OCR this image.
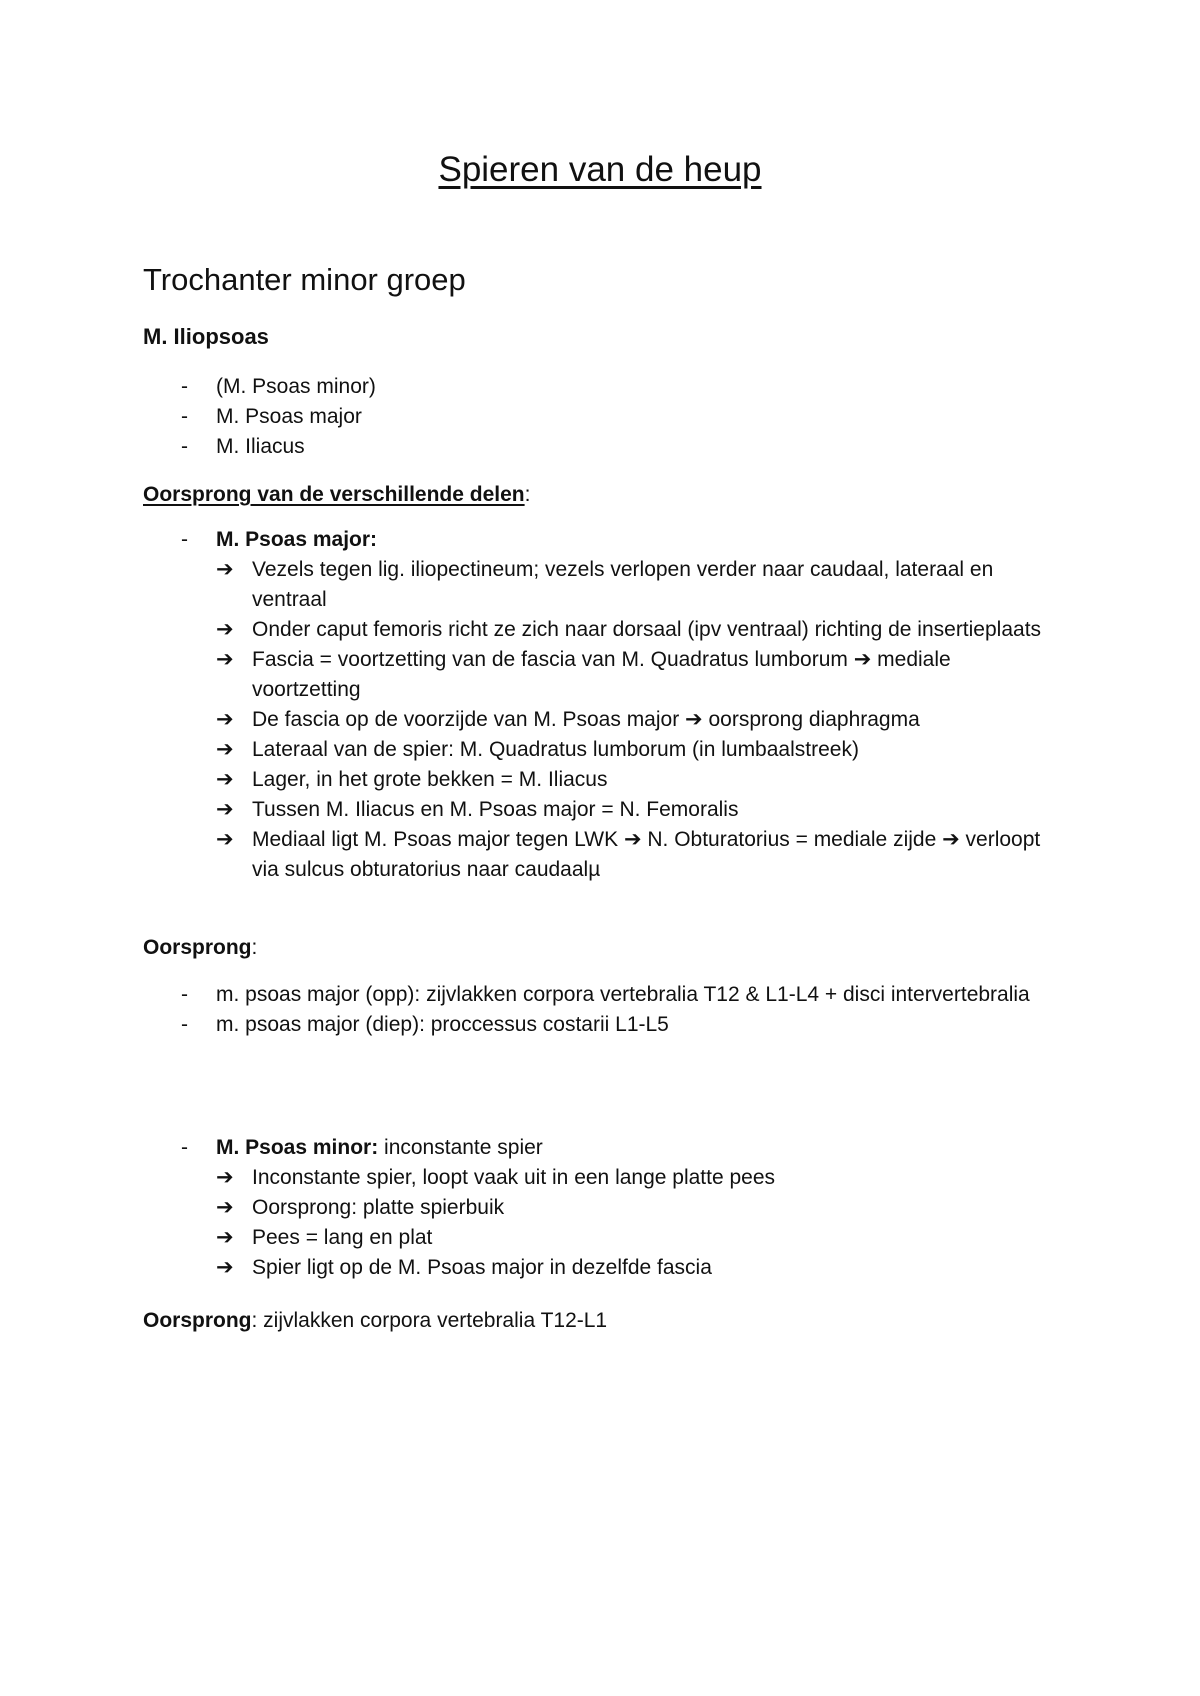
Spieren van de heup
Trochanter minor groep
M. Iliopsoas
- (M. Psoas minor)
- M. Psoas major
- M. Iliacus

Oorsprong van de verschillende delen:

- M. Psoas major:
➔ Vezels tegen lig. iliopectineum; vezels verlopen verder naar caudaal, lateraal en ventraal
➔ Onder caput femoris richt ze zich naar dorsaal (ipv ventraal) richting de insertieplaats
➔ Fascia = voortzetting van de fascia van M. Quadratus lumborum ➔ mediale voortzetting
➔ De fascia op de voorzijde van M. Psoas major ➔ oorsprong diaphragma
➔ Lateraal van de spier: M. Quadratus lumborum (in lumbaalstreek)
➔ Lager, in het grote bekken = M. Iliacus
➔ Tussen M. Iliacus en M. Psoas major = N. Femoralis
➔ Mediaal ligt M. Psoas major tegen LWK ➔ N. Obturatorius = mediale zijde ➔ verloopt via sulcus obturatorius naar caudaalµ

Oorsprong:

- m. psoas major (opp): zijvlakken corpora vertebralia T12 & L1-L4 + disci intervertebralia
- m. psoas major (diep): proccessus costarii L1-L5
- M. Psoas minor: inconstante spier
➔ Inconstante spier, loopt vaak uit in een lange platte pees
➔ Oorsprong: platte spierbuik
➔ Pees = lang en plat
➔ Spier ligt op de M. Psoas major in dezelfde fascia

Oorsprong: zijvlakken corpora vertebralia T12-L1
